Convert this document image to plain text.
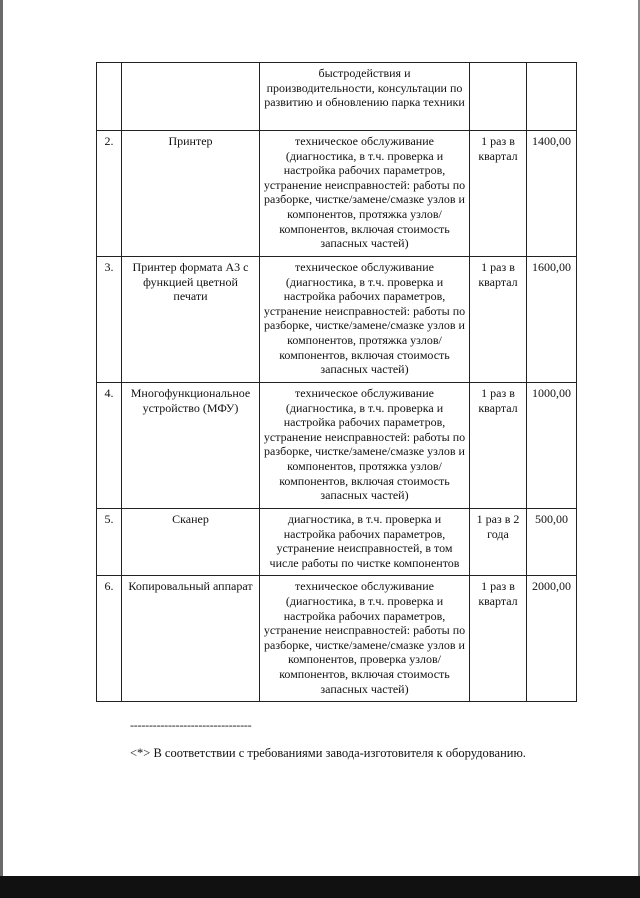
		быстродействия и производительности, консультации по развитию и обновлению парка техники		
2.	Принтер	техническое обслуживание (диагностика, в т.ч. проверка и настройка рабочих параметров, устранение неисправностей: работы по разборке, чистке/замене/смазке узлов и компонентов, протяжка узлов/компонентов, включая стоимость запасных частей)	1 раз в квартал	1400,00
3.	Принтер формата А3 с функцией цветной печати	техническое обслуживание (диагностика, в т.ч. проверка и настройка рабочих параметров, устранение неисправностей: работы по разборке, чистке/замене/смазке узлов и компонентов, протяжка узлов/компонентов, включая стоимость запасных частей)	1 раз в квартал	1600,00
4.	Многофункциональное устройство (МФУ)	техническое обслуживание (диагностика, в т.ч. проверка и настройка рабочих параметров, устранение неисправностей: работы по разборке, чистке/замене/смазке узлов и компонентов, протяжка узлов/компонентов, включая стоимость запасных частей)	1 раз в квартал	1000,00
5.	Сканер	диагностика, в т.ч. проверка и настройка рабочих параметров, устранение неисправностей, в том числе работы по чистке компонентов	1 раз в 2 года	500,00
6.	Копировальный аппарат	техническое обслуживание (диагностика, в т.ч. проверка и настройка рабочих параметров, устранение неисправностей: работы по разборке, чистке/замене/смазке узлов и компонентов, проверка узлов/компонентов, включая стоимость запасных частей)	1 раз в квартал	2000,00
--------------------------------
<*> В соответствии с требованиями завода-изготовителя к оборудованию.
